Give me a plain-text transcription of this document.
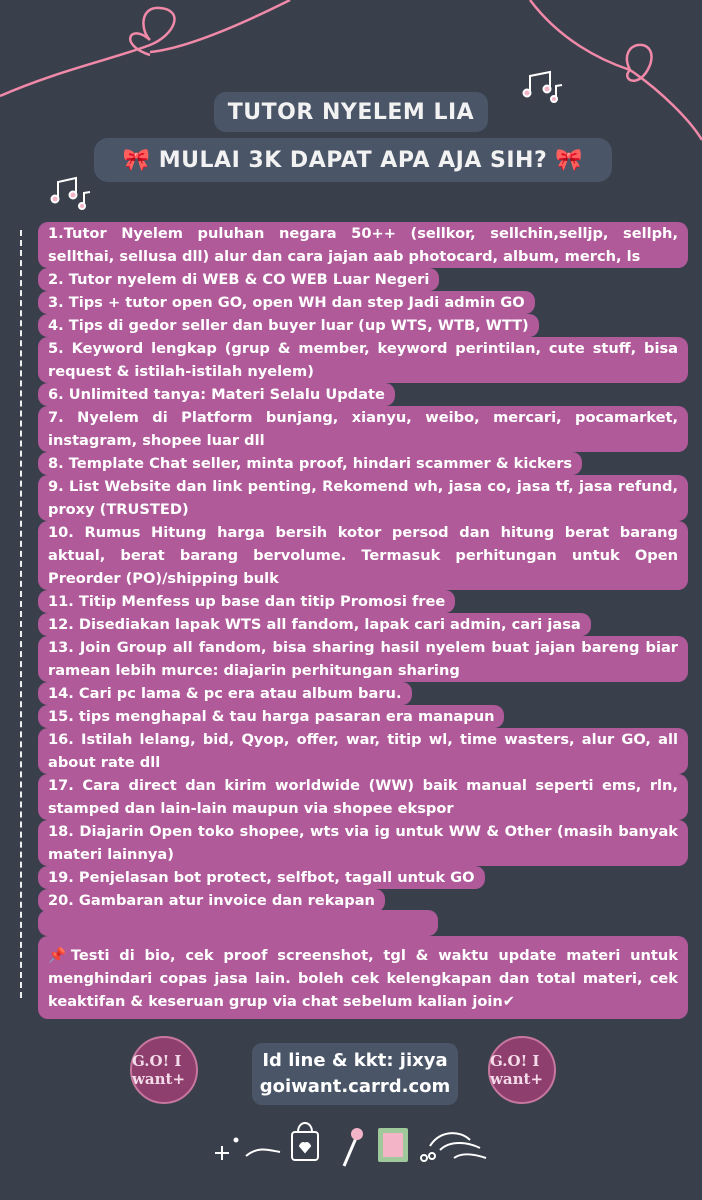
TUTOR NYELEM LIA
🎀 MULAI 3K DAPAT APA AJA SIH? 🎀
1.Tutor Nyelem puluhan negara 50++ (sellkor, sellchin,selljp, sellph, sellthai, sellusa dll) alur dan cara jajan aab photocard, album, merch, ls
2. Tutor nyelem di WEB & CO WEB Luar Negeri
3. Tips + tutor open GO, open WH dan step Jadi admin GO
4. Tips di gedor seller dan buyer luar (up WTS, WTB, WTT)
5. Keyword lengkap (grup & member, keyword perintilan, cute stuff, bisa request & istilah-istilah nyelem)
6. Unlimited tanya: Materi Selalu Update
7. Nyelem di Platform bunjang, xianyu, weibo, mercari, pocamarket, instagram, shopee luar dll
8. Template Chat seller, minta proof, hindari scammer & kickers
9. List Website dan link penting, Rekomend wh, jasa co, jasa tf, jasa refund, proxy (TRUSTED)
10. Rumus Hitung harga bersih kotor persod dan hitung berat barang aktual, berat barang bervolume. Termasuk perhitungan untuk Open Preorder (PO)/shipping bulk
11. Titip Menfess up base dan titip Promosi free
12. Disediakan lapak WTS all fandom, lapak cari admin, cari jasa
13. Join Group all fandom, bisa sharing hasil nyelem buat jajan bareng biar ramean lebih murce: diajarin perhitungan sharing
14. Cari pc lama & pc era atau album baru.
15. tips menghapal & tau harga pasaran era manapun
16. Istilah lelang, bid, Qyop, offer, war, titip wl, time wasters, alur GO, all about rate dll
17. Cara direct dan kirim worldwide (WW) baik manual seperti ems, rln, stamped dan lain-lain maupun via shopee ekspor
18. Diajarin Open toko shopee, wts via ig untuk WW & Other (masih banyak materi lainnya)
19. Penjelasan bot protect, selfbot, tagall untuk GO
20. Gambaran atur invoice dan rekapan
📌Testi di bio, cek proof screenshot, tgl & waktu update materi untuk menghindari copas jasa lain. boleh cek kelengkapan dan total materi, cek keaktifan & keseruan grup via chat sebelum kalian join✔
G.O! I want+
Id line & kkt: jixya
goiwant.carrd.com
G.O! I want+
